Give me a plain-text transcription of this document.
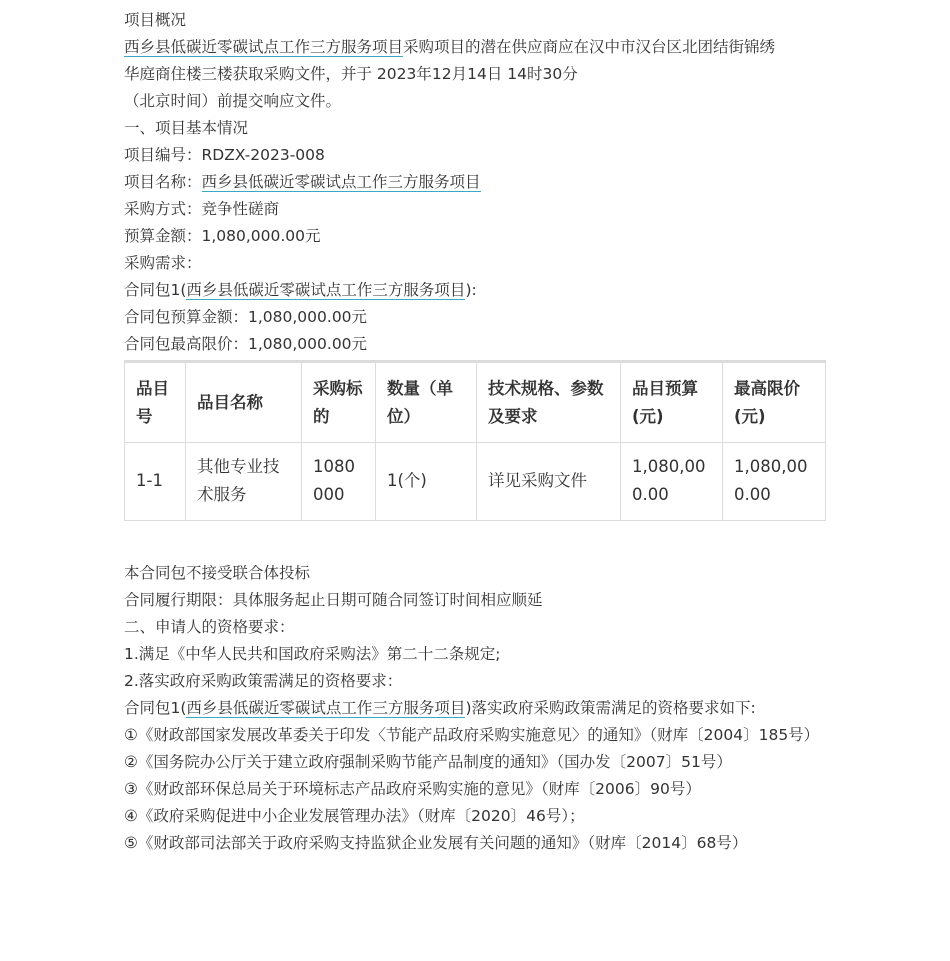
项目概况
西乡县低碳近零碳试点工作三方服务项目采购项目的潜在供应商应在汉中市汉台区北团结街锦绣
华庭商住楼三楼获取采购文件，并于 2023年12月14日 14时30分
（北京时间）前提交响应文件。
一、项目基本情况
项目编号：RDZX-2023-008
项目名称：西乡县低碳近零碳试点工作三方服务项目
采购方式：竞争性磋商
预算金额：1,080,000.00元
采购需求：
合同包1(西乡县低碳近零碳试点工作三方服务项目):
合同包预算金额：1,080,000.00元
合同包最高限价：1,080,000.00元
品目号	品目名称	采购标的	数量（单位）	技术规格、参数及要求	品目预算(元)	最高限价(元)
1-1	其他专业技术服务	1080000	1(个)	详见采购文件	1,080,000.00	1,080,000.00
本合同包不接受联合体投标
合同履行期限：具体服务起止日期可随合同签订时间相应顺延
二、申请人的资格要求：
1.满足《中华人民共和国政府采购法》第二十二条规定;
2.落实政府采购政策需满足的资格要求：
合同包1(西乡县低碳近零碳试点工作三方服务项目)落实政府采购政策需满足的资格要求如下:
①《财政部国家发展改革委关于印发〈节能产品政府采购实施意见〉的通知》（财库〔2004〕185号）
②《国务院办公厅关于建立政府强制采购节能产品制度的通知》（国办发〔2007〕51号）
③《财政部环保总局关于环境标志产品政府采购实施的意见》（财库〔2006〕90号）
④《政府采购促进中小企业发展管理办法》（财库〔2020〕46号）；
⑤《财政部司法部关于政府采购支持监狱企业发展有关问题的通知》（财库〔2014〕68号）
